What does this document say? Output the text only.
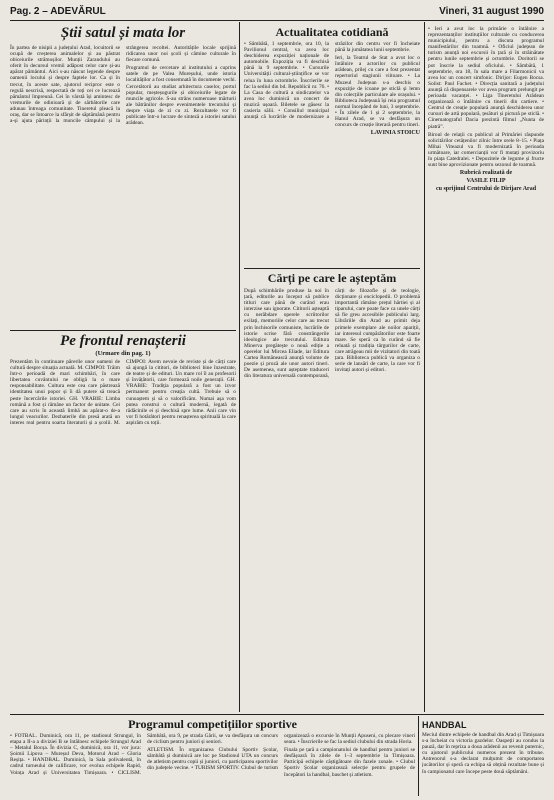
Pag. 2 – ADEVĂRUL	Vineri, 31 august 1990
Știi satul și mata lor

În partea de nisipii a județului Arad, locuitorii se ocupă de creșterea animalelor și au păstrat obiceiurile strămoșilor. Munții Zarandului au oferit în decursul vremii adăpost celor care și-au apărat pământul. Aici s-au născut legende despre oamenii locului și despre faptele lor. Ca și în trecut, în aceste sate, ajutorul reciproc este o regulă nescrisă, respectată de toți cei ce lucrează pământul împreună. Cei în vârstă își amintesc de vremurile de odinioară și de sărbătorile care adunau întreaga comunitate. Tineretul pleacă la oraș, dar se întoarce la sfârșit de săptămână pentru a-și ajuta părinții la muncile câmpului și la strângerea recoltei. Autoritățile locale sprijină ridicarea unor noi școli și cămine culturale în fiecare comună.

Programul de cercetare al institutului a cuprins satele de pe Valea Mureșului, unde istoria localităților a fost consemnată în documente vechi. Cercetătorii au studiat arhitectura caselor, portul popular, meșteșugurile și obiceiurile legate de muncile agricole. S-au strâns numeroase mărturii ale bătrânilor despre evenimentele trecutului și despre viața de zi cu zi. Rezultatele vor fi publicate într-o lucrare de sinteză a istoriei satului arădean.

Pe frontul renașterii
(Urmare din pag. 1)

Prezentăm în continuare părerile unor oameni de cultură despre situația actuală. M. CIMPOI: Trăim într-o perioadă de mari schimbări, în care libertatea cuvântului ne obligă la o mare responsabilitate. Cultura este cea care păstrează identitatea unui popor și îi dă putere să treacă peste încercările istoriei. GH. VRABIE: Limba română a fost și rămâne un factor de unitate. Cei care au scris în această limbă au apărat-o de-a lungul veacurilor. Dezbaterile din presă arată un interes real pentru soarta literaturii și a școlii. M. CIMPOI: Avem nevoie de reviste și de cărți care să ajungă la cititori, de biblioteci bine înzestrate, de teatre și de edituri. Un mare rol îl au profesorii și învățătorii, care formează noile generații. GH. VRABIE: Tradiția populară a fost un izvor permanent pentru creația cultă. Trebuie să o cunoaștem și să o valorificăm. Numai așa vom putea construi o cultură modernă, legată de rădăcinile ei și deschisă spre lume. Anii care vin vor fi hotărâtori pentru renașterea spirituală la care aspirăm cu toții.

Actualitatea cotidiană

• Sâmbătă, 1 septembrie, ora 10, la Pavilionul central, va avea loc deschiderea expoziției naționale de automobile. Expoziția va fi deschisă până la 9 septembrie. • Cursurile Universității cultural-științifice se vor relua în luna octombrie. Înscrierile se fac la sediul din bd. Republicii nr. 76. • La Casa de cultură a sindicatelor va avea loc duminică un concert de muzică ușoară. Biletele se găsesc la casieria sălii. • Consiliul municipal anunță că lucrările de modernizare a străzilor din centru vor fi încheiate până la jumătatea lunii septembrie.

Ieri, la Teatrul de Stat a avut loc o întâlnire a actorilor cu publicul arădean, prilej cu care a fost prezentat repertoriul stagiunii viitoare. • La Muzeul Județean s-a deschis o expoziție de icoane pe sticlă și lemn din colecțiile particulare ale orașului. • Biblioteca Județeană își reia programul normal începând de luni, 3 septembrie. • În zilele de 1 și 2 septembrie, la Hanul Arad, se va desfășura un concurs de creație literară pentru tineri.

LAVINIA STOICU

• Ieri a avut loc la primărie o întâlnire a reprezentanților instituțiilor culturale cu conducerea municipiului, pentru a discuta programul manifestărilor din toamnă. • Oficiul județean de turism anunță noi excursii în țară și în străinătate pentru lunile septembrie și octombrie. Doritorii se pot înscrie la sediul oficiului. • Sâmbătă, 1 septembrie, ora 18, în sala mare a Filarmonicii va avea loc un concert simfonic. Dirijor: Eugen Bocsa. Solist: Paul Fachet. • Direcția sanitară a județului anunță că dispensarele vor avea program prelungit pe perioada vacanței. • Liga Tineretului Arădean organizează o întâlnire cu tinerii din cartiere. • Centrul de creație populară anunță deschiderea unor cursuri de artă populară, țesături și pictură pe sticlă. • Cinematograful Dacia prezintă filmul „Nunta de piatră”.

Biroul de relații cu publicul al Primăriei răspunde solicitărilor cetățenilor zilnic între orele 8–15. • Piața Mihai Viteazul va fi modernizată în perioada următoare, iar comercianții vor fi mutați provizoriu în piața Catedralei. • Depozitele de legume și fructe sunt bine aprovizionate pentru sezonul de toamnă.

Rubrică realizată de
VASILE FILIP
cu sprijinul Centrului de Dirijare Arad
Cărți pe care le așteptăm

După schimbările produse la noi în țară, editurile au început să publice titluri care până de curând erau interzise sau ignorate. Cititorii așteaptă cu nerăbdare operele scriitorilor exilați, memoriile celor care au trecut prin închisorile comuniste, lucrările de istorie scrise fără constrângerile ideologice ale trecutului. Editura Minerva pregătește o nouă ediție a operelor lui Mircea Eliade, iar Editura Cartea Românească anunță volume de poezie și proză ale unor autori tineri. De asemenea, sunt așteptate traduceri din literatura universală contemporană, cărți de filozofie și de teologie, dicționare și enciclopedii. O problemă importantă rămâne prețul hârtiei și al tiparului, care poate face ca unele cărți să fie greu accesibile publicului larg. Librăriile din Arad au primit deja primele exemplare ale noilor apariții, iar interesul cumpărătorilor este foarte mare. Se speră ca în curând să fie reluată și tradiția târgurilor de carte, care atrăgeau mii de vizitatori din toată țara. Biblioteca publică va organiza o serie de lansări de carte, la care vor fi invitați autori și editori.

Programul competițiilor sportive

• FOTBAL. Duminică, ora 11, pe stadionul Strungul, în etapa a II-a a diviziei B se întâlnesc echipele Strungul Arad – Metalul Bocșa. În divizia C, duminică, ora 11, vor juca: Șoimii Lipova – Mureșul Deva, Motorul Arad – Gloria Reșița. • HANDBAL. Duminică, la Sala polivalentă, în cadrul turneului de calificare, vor evolua echipele Rapid, Voința Arad și Universitatea Timișoara. • CICLISM. Sâmbătă, ora 9, pe strada Gării, se va desfășura un concurs de ciclism pentru juniori și seniori.

ATLETISM. În organizarea Clubului Sportiv Școlar, sâmbătă și duminică are loc pe Stadionul UTA un concurs de atletism pentru copii și juniori, cu participarea sportivilor din județele vecine. • TURISM SPORTIV. Clubul de turism organizează o excursie în Munții Apuseni, cu plecare vineri seara. • Înscrierile se fac la sediul clubului din strada Horia.

Finala pe țară a campionatului de handbal pentru juniori se desfășoară în zilele de 1–3 septembrie la Timișoara. Participă echipele câștigătoare din fazele zonale. • Clubul Sportiv Școlar organizează selecție pentru grupele de începători la handbal, baschet și atletism.

HANDBAL

Meciul dintre echipele de handbal din Arad și Timișoara s-a încheiat cu victoria gazdelor. Oaspeții au condus la pauză, dar în repriza a doua arădenii au revenit puternic, cu ajutorul publicului numeros prezent în tribune. Antrenorul s-a declarat mulțumit de comportarea jucătorilor și speră ca echipa să obțină rezultate bune și în campionatul care începe peste două săptămâni.
